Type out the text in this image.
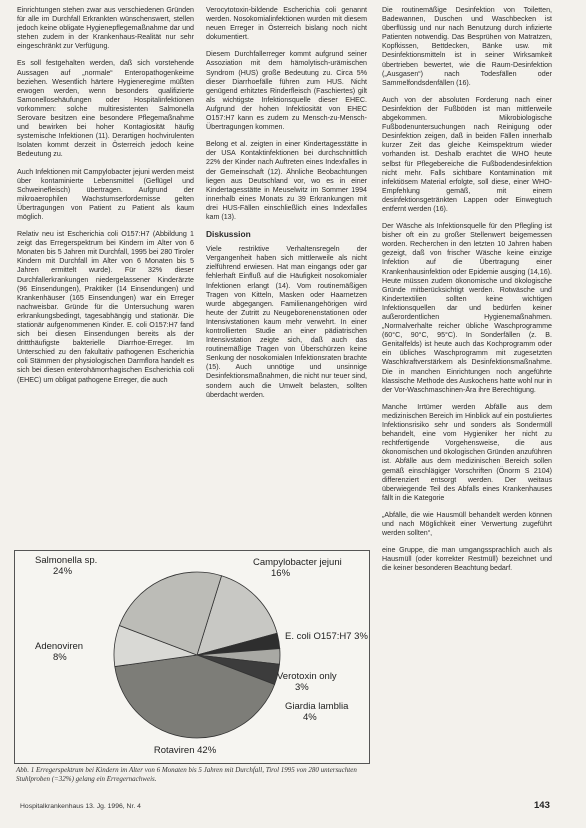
Einrichtungen stehen zwar aus verschiedenen Gründen für alle im Durchfall Erkrankten wünschenswert, stellen jedoch keine obligate Hygienepflegemaßnahme dar und stehen zudem in der Krankenhaus-Realität nur sehr eingeschränkt zur Verfügung.

Es soll festgehalten werden, daß sich vorstehende Aussagen auf „normale“ Enteropathogenkeime beziehen. Wesentlich härtere Hygieneregime müßten erwogen werden, wenn besonders qualifizierte Samonellosehäufungen oder Hospitalinfektionen vorkommen: solche multiresistenten Salmonella Serovare besitzen eine besondere Pflegemaßnahme und bewirken bei hoher Kontagiosität häufig systemische Infektionen (11). Derartigen hochvirulenten Isolaten kommt derzeit in Österreich jedoch keine Bedeutung zu.

Auch Infektionen mit Campylobacter jejuni werden meist über kontaminierte Lebensmittel (Geflügel und Schweinefleisch) übertragen. Aufgrund der mikroaerophilen Wachstumserfordernisse gelten Übertragungen von Patient zu Patient als kaum möglich.

Relativ neu ist Escherichia coli O157:H7 (Abbildung 1 zeigt das Erregerspektrum bei Kindern im Alter von 6 Monaten bis 5 Jahren mit Durchfall, 1995 bei 280 Tiroler Kindern mit Durchfall im Alter von 6 Monaten bis 5 Jahren ermittelt wurde). Für 32% dieser Durchfallerkrankungen niedergelassener Kinderärzte (96 Einsendungen), Praktiker (14 Einsendungen) und Krankenhäuser (165 Einsendungen) war ein Erreger nachweisbar. Gründe für die Untersuchung waren erkrankungsbedingt, tagesabhängig und stationär. Die stationär aufgenommenen Kinder. E. coli O157:H7 fand sich bei diesen Einsendungen bereits als der drittthäufigste bakterielle Diarrhoe-Erreger. Im Unterschied zu den fakultativ pathogenen Escherichia coli Stämmen der physiologischen Darmflora handelt es sich bei diesen enterohämorrhagischen Escherichia coli (EHEC) um obligat pathogene Erreger, die auch

Verocytotoxin-bildende Escherichia coli genannt werden. Nosokomialinfektionen wurden mit diesem neuen Erreger in Österreich bislang noch nicht dokumentiert.

Diesem Durchfallerreger kommt aufgrund seiner Assoziation mit dem hämolytisch-urämischen Syndrom (HUS) große Bedeutung zu. Circa 5% dieser Diarrhoefälle führen zum HUS. Nicht genügend erhitztes Rinderfleisch (Faschiertes) gilt als wichtigste Infektionsquelle dieser EHEC. Aufgrund der hohen Infektiosität von EHEC O157:H7 kann es zudem zu Mensch-zu-Mensch-Übertragungen kommen.

Belong et al. zeigten in einer Kindertagesstätte in der USA Kontaktinfektionen bei durchschnittlich 22% der Kinder nach Auftreten eines Indexfalles in der Gemeinschaft (12). Ähnliche Beobachtungen liegen aus Deutschland vor, wo es in einer Kindertagesstätte in Meuselwitz im Sommer 1994 innerhalb eines Monats zu 39 Erkrankungen mit drei HUS-Fällen einschließlich eines Indexfalles kam (13).

Diskussion

Viele restriktive Verhaltensregeln der Vergangenheit haben sich mittlerweile als nicht zielführend erwiesen. Hat man eingangs oder gar fehlerhaft Einfluß auf die Häufigkeit nosokomialer Infektionen erlangt (14). Vom routinemäßigen Tragen von Kitteln, Masken oder Haarnetzen wurde abgegangen. Familienangehörigen wird heute der Zutritt zu Neugeborenenstationen oder Intensivstationen kaum mehr verwehrt. In einer kontrollierten Studie an einer pädiatrischen Intensivstation zeigte sich, daß auch das routinemäßige Tragen von Überschürzen keine Senkung der nosokomialen Infektionsraten brachte (15). Auch unnötige und unsinnige Desinfektionsmaßnahmen, die nicht nur teuer sind, sondern auch die Umwelt belasten, sollten überdacht werden.

Die routinemäßige Desinfektion von Toiletten, Badewannen, Duschen und Waschbecken ist überflüssig und nur nach Benutzung durch infizierte Patienten notwendig. Das Besprühen von Matratzen, Kopfkissen, Bettdecken, Bänke usw. mit Desinfektionsmitteln ist in seiner Wirksamkeit übertrieben bewertet, wie die Raum-Desinfektion („Ausgasen“) nach Todesfällen oder Sammelfondsdenfällen (16).

Auch von der absoluten Forderung nach einer Desinfektion der Fußböden ist man mittlerweile abgekommen. Mikrobiologische Fußbodenuntersuchungen nach Reinigung oder Desinfektion zeigen, daß in beiden Fällen innerhalb kurzer Zeit das gleiche Keimspektrum wieder vorhanden ist. Deshalb erachtet die WHO heute selbst für Pflegebereiche die Fußbodendesinfektion nicht mehr. Falls sichtbare Kontamination mit infektiösem Material erfolgte, soll diese, einer WHO-Empfehlung gemäß, mit einem desinfektionsgetränkten Lappen oder Einwegtuch entfernt werden (16).

Der Wäsche als Infektionsquelle für den Pflegling ist bisher oft ein zu großer Stellenwert beigemessen worden. Recherchen in den letzten 10 Jahren haben gezeigt, daß von frischer Wäsche keine einzige Infektion auf die Übertragung einer Krankenhausinfektion oder Epidemie ausging (14,16). Heute müssen zudem ökonomische und ökologische Gründe mitberücksichtigt werden. Rotwäsche und Kindertextilien sollten keine wichtigen Infektionsquellen dar und bedürfen keiner außerordentlichen Hygienemaßnahmen. „Normalverhalte reicher übliche Waschprogramme (60°C, 90°C, 95°C). In Sonderfällen (z. B. Genitalfelds) ist heute auch das Kochprogramm oder ein übliches Waschprogramm mit zugesetzten Waschkraftverstärkern als Desinfektionsmaßnahme. Die in manchen Einrichtungen noch angeführte klassische Methode des Auskochens hatte wohl nur in der Vor-Waschmaschinen-Ära ihre Berechtigung.

Manche Irrtümer werden Abfälle aus dem medizinischen Bereich im Hinblick auf ein postuliertes Infektionsrisiko sehr und sonders als Sondermüll behandelt, eine vom Hygieniker her nicht zu rechtfertigende Vorgehensweise, die aus ökonomischen und ökologischen Gründen anzuführen ist. Abfälle aus dem medizinischen Bereich sollen gemäß einschlägiger Vorschriften (Önorm S 2104) differenziert entsorgt werden. Der weitaus überwiegende Teil des Abfalls eines Krankenhauses fällt in die Kategorie

„Abfälle, die wie Hausmüll behandelt werden können und nach Möglichkeit einer Verwertung zugeführt werden sollten“,

eine Gruppe, die man umgangssprachlich auch als Hausmüll (oder korrekter Restmüll) bezeichnet und die keiner besonderen Beachtung bedarf.

Campylobacter jejuni 16%
E. coli O157:H7 3%
Verotoxin only 3%
Giardia lamblia 4%
Rotaviren 42%
Adenoviren 8%
Salmonella sp. 24%
Abb. 1 Erregerspektrum bei Kindern im Alter von 6 Monaten bis 5 Jahren mit Durchfall, Tirol 1995 von 280 untersuchten Stuhlproben (=32%) gelang ein Erregernachweis.
Hospitalkrankenhaus 13. Jg. 1996, Nr. 4	143
